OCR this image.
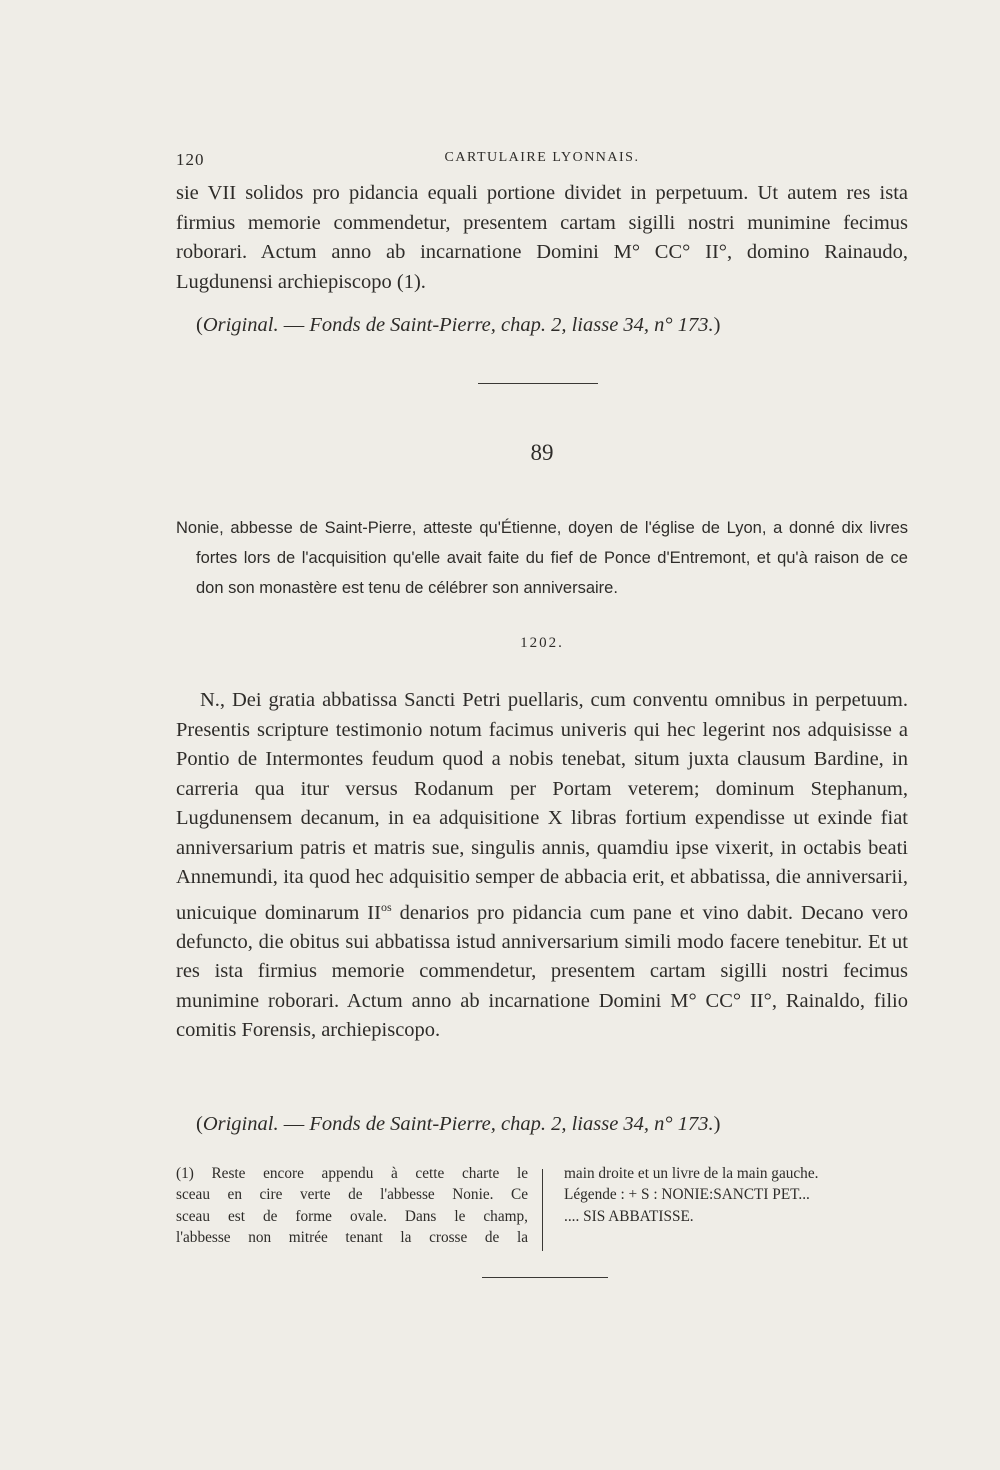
120	CARTULAIRE LYONNAIS.

sie VII solidos pro pidancia equali portione dividet in perpetuum. Ut autem res ista firmius memorie commendetur, presentem cartam sigilli nostri munimine fecimus roborari. Actum anno ab incarnatione Domini M° CC° II°, domino Rainaudo, Lugdunensi archiepiscopo (1).

(Original. — Fonds de Saint-Pierre, chap. 2, liasse 34, n° 173.)

89

Nonie, abbesse de Saint-Pierre, atteste qu'Étienne, doyen de l'église de Lyon, a donné dix livres fortes lors de l'acquisition qu'elle avait faite du fief de Ponce d'Entremont, et qu'à raison de ce don son monastère est tenu de célébrer son anniversaire.

1202.

N., Dei gratia abbatissa Sancti Petri puellaris, cum conventu omnibus in perpetuum. Presentis scripture testimonio notum facimus univeris qui hec legerint nos adquisisse a Pontio de Intermontes feudum quod a nobis tenebat, situm juxta clausum Bardine, in carreria qua itur versus Rodanum per Portam veterem; dominum Stephanum, Lugdunensem decanum, in ea adquisitione X libras fortium expendisse ut exinde fiat anniversarium patris et matris sue, singulis annis, quamdiu ipse vixerit, in octabis beati Annemundi, ita quod hec adquisitio semper de abbacia erit, et abbatissa, die anniversarii, unicuique dominarum $II^{os}$ denarios pro pidancia cum pane et vino dabit. Decano vero defuncto, die obitus sui abbatissa istud anniversarium simili modo facere tenebitur. Et ut res ista firmius memorie commendetur, presentem cartam sigilli nostri fecimus munimine roborari. Actum anno ab incarnatione Domini M° CC° II°, Rainaldo, filio comitis Forensis, archiepiscopo.

(Original. — Fonds de Saint-Pierre, chap. 2, liasse 34, n° 173.)

(1) Reste encore appendu à cette charte le
sceau en cire verte de l'abbesse Nonie. Ce
sceau est de forme ovale. Dans le champ,
l'abbesse non mitrée tenant la crosse de la
main droite et un livre de la main gauche.
Légende : + S : NONIE:SANCTI PET...
.... SIS ABBATISSE.
